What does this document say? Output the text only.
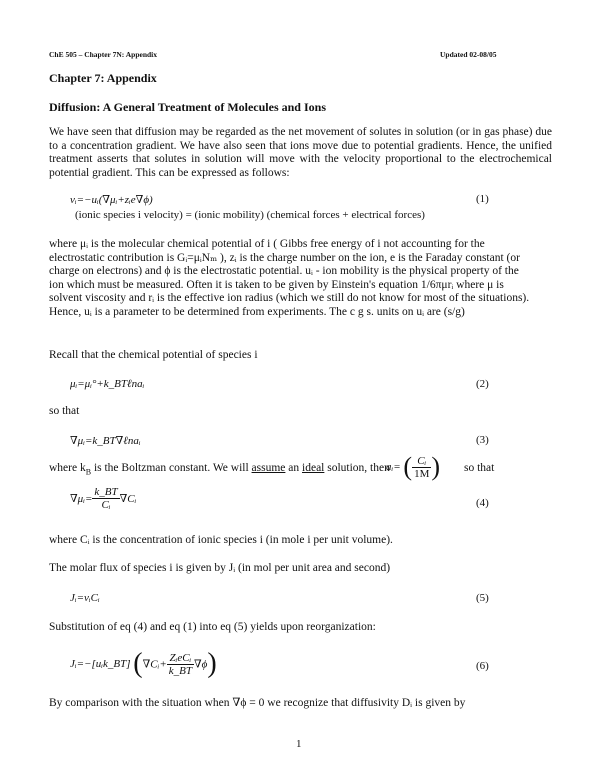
ChE 505 – Chapter 7N: Appendix	Updated 02-08/05
Chapter 7: Appendix
Diffusion: A General Treatment of Molecules and Ions
We have seen that diffusion may be regarded as the net movement of solutes in solution (or in gas phase) due to a concentration gradient. We have also seen that ions move due to potential gradients. Hence, the unified treatment asserts that solutes in solution will move with the velocity proportional to the electrochemical potential gradient. This can be expressed as follows:
vᵢ=−uᵢ(∇μᵢ+zᵢe∇ϕ)	(1)
(ionic species i velocity) = (ionic mobility) (chemical forces + electrical forces)
where μᵢ is the molecular chemical potential of i ( Gibbs free energy of i not accounting for the
electrostatic contribution is Gᵢ=μᵢNₘ ), zᵢ is the charge number on the ion, e is the Faraday constant (or
charge on electrons) and ϕ is the electrostatic potential. uᵢ - ion mobility is the physical property of the
ion which must be measured. Often it is taken to be given by Einstein's equation 1/6πμrᵢ where μ is
solvent viscosity and rᵢ is the effective ion radius (which we still do not know for most of the situations).
Hence, uᵢ is a parameter to be determined from experiments. The c g s. units on uᵢ are (s/g)
Recall that the chemical potential of species i
μᵢ=μᵢ°+k_BTℓnaᵢ	(2)
so that
∇μᵢ=k_BT∇ℓnaᵢ	(3)
where $k_B$ is the Boltzman constant. We will assume an ideal solution, then
aᵢ= ( $\frac{\text{Cᵢ}}{1M}$ ) so that
∇μᵢ= $\frac{k\_BT}{\text{Cᵢ}}$ ∇Cᵢ	(4)
where Cᵢ is the concentration of ionic species i (in mole i per unit volume).
The molar flux of species i is given by Jᵢ (in mol per unit area and second)
Jᵢ=vᵢCᵢ	(5)
Substitution of eq (4) and eq (1) into eq (5) yields upon reorganization:
Jᵢ=−[uᵢk_BT] (∇Cᵢ+ $\frac{\text{ZᵢeCᵢ}}{k\_BT} \nabla\phi$)	(6)
By comparison with the situation when ∇ϕ = 0 we recognize that diffusivity Dᵢ is given by
1
